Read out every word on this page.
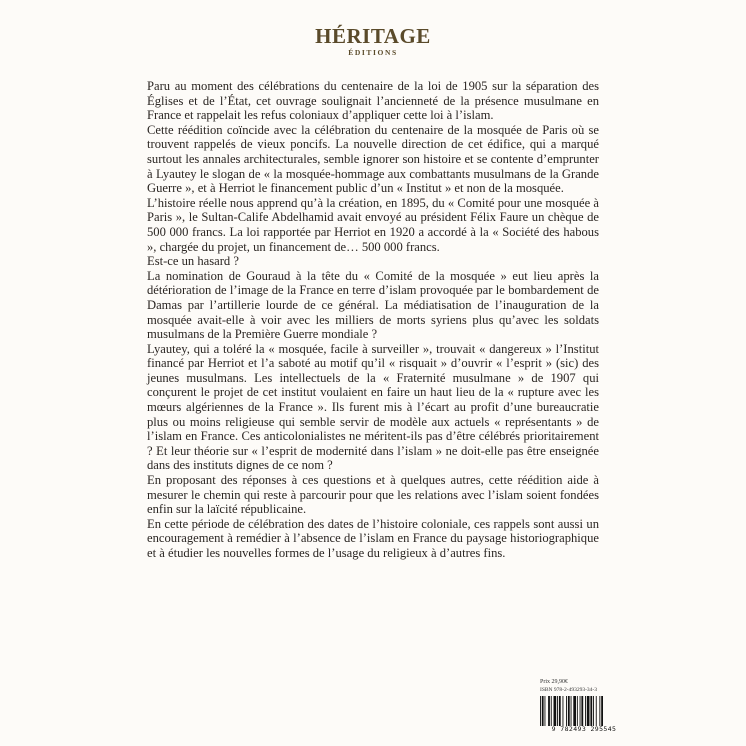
HÉRITAGE
ÉDITIONS

Paru au moment des célébrations du centenaire de la loi de 1905 sur la séparation des Églises et de l’État, cet ouvrage soulignait l’ancienneté de la présence musulmane en France et rappelait les refus coloniaux d’appliquer cette loi à l’islam.

Cette réédition coïncide avec la célébration du centenaire de la mosquée de Paris où se trouvent rappelés de vieux poncifs. La nouvelle direction de cet édifice, qui a marqué surtout les annales architecturales, semble ignorer son histoire et se contente d’emprunter à Lyautey le slogan de « la mosquée-hommage aux combattants musulmans de la Grande Guerre », et à Herriot le financement public d’un « Institut » et non de la mosquée.

L’histoire réelle nous apprend qu’à la création, en 1895, du « Comité pour une mosquée à Paris », le Sultan-Calife Abdelhamid avait envoyé au président Félix Faure un chèque de 500 000 francs. La loi rapportée par Herriot en 1920 a accordé à la « Société des habous », chargée du projet, un financement de… 500 000 francs.

Est-ce un hasard ?

La nomination de Gouraud à la tête du « Comité de la mosquée » eut lieu après la détérioration de l’image de la France en terre d’islam provoquée par le bombardement de Damas par l’artillerie lourde de ce général. La médiatisation de l’inauguration de la mosquée avait-elle à voir avec les milliers de morts syriens plus qu’avec les soldats musulmans de la Première Guerre mondiale ?

Lyautey, qui a toléré la « mosquée, facile à surveiller », trouvait « dangereux » l’Institut financé par Herriot et l’a saboté au motif qu’il « risquait » d’ouvrir « l’esprit » (sic) des jeunes musulmans. Les intellectuels de la « Fraternité musulmane » de 1907 qui conçurent le projet de cet institut voulaient en faire un haut lieu de la « rupture avec les mœurs algériennes de la France ». Ils furent mis à l’écart au profit d’une bureaucratie plus ou moins religieuse qui semble servir de modèle aux actuels « représentants » de l’islam en France. Ces anticolonialistes ne méritent-ils pas d’être célébrés prioritairement ? Et leur théorie sur « l’esprit de modernité dans l’islam » ne doit-elle pas être enseignée dans des instituts dignes de ce nom ?

En proposant des réponses à ces questions et à quelques autres, cette réédition aide à mesurer le chemin qui reste à parcourir pour que les relations avec l’islam soient fondées enfin sur la laïcité républicaine.

En cette période de célébration des dates de l’histoire coloniale, ces rappels sont aussi un encouragement à remédier à l’absence de l’islam en France du paysage historiographique et à étudier les nouvelles formes de l’usage du religieux à d’autres fins.

Prix 29,90€
ISBN 978-2-493293-34-3
9 782493 295545
